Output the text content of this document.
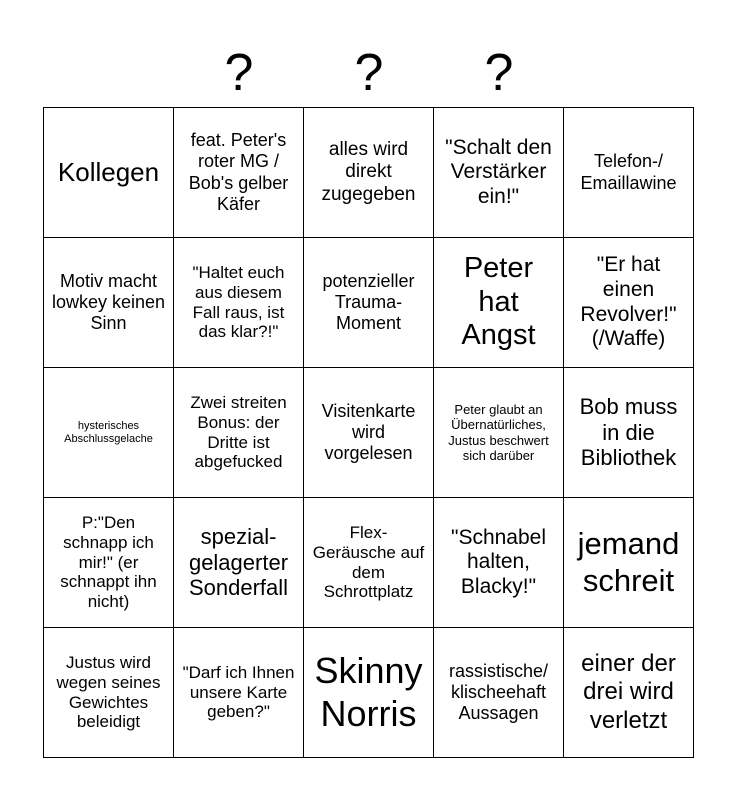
?	?	?
Kollegen
feat. Peter's roter MG / Bob's gelber Käfer
alles wird direkt zugegeben
"Schalt den Verstärker ein!"
Telefon-/ Emaillawine
Motiv macht lowkey keinen Sinn
"Haltet euch aus diesem Fall raus, ist das klar?!"
potenzieller Trauma-Moment
Peter hat Angst
"Er hat einen Revolver!" (/Waffe)
hysterisches Abschlussgelache
Zwei streiten Bonus: der Dritte ist abgefucked
Visitenkarte wird vorgelesen
Peter glaubt an Übernatürliches, Justus beschwert sich darüber
Bob muss in die Bibliothek
P:"Den schnapp ich mir!" (er schnappt ihn nicht)
spezial-gelagerter Sonderfall
Flex-Geräusche auf dem Schrottplatz
"Schnabel halten, Blacky!"
jemand schreit
Justus wird wegen seines Gewichtes beleidigt
"Darf ich Ihnen unsere Karte geben?"
Skinny Norris
rassistische/ klischeehaft Aussagen
einer der drei wird verletzt
